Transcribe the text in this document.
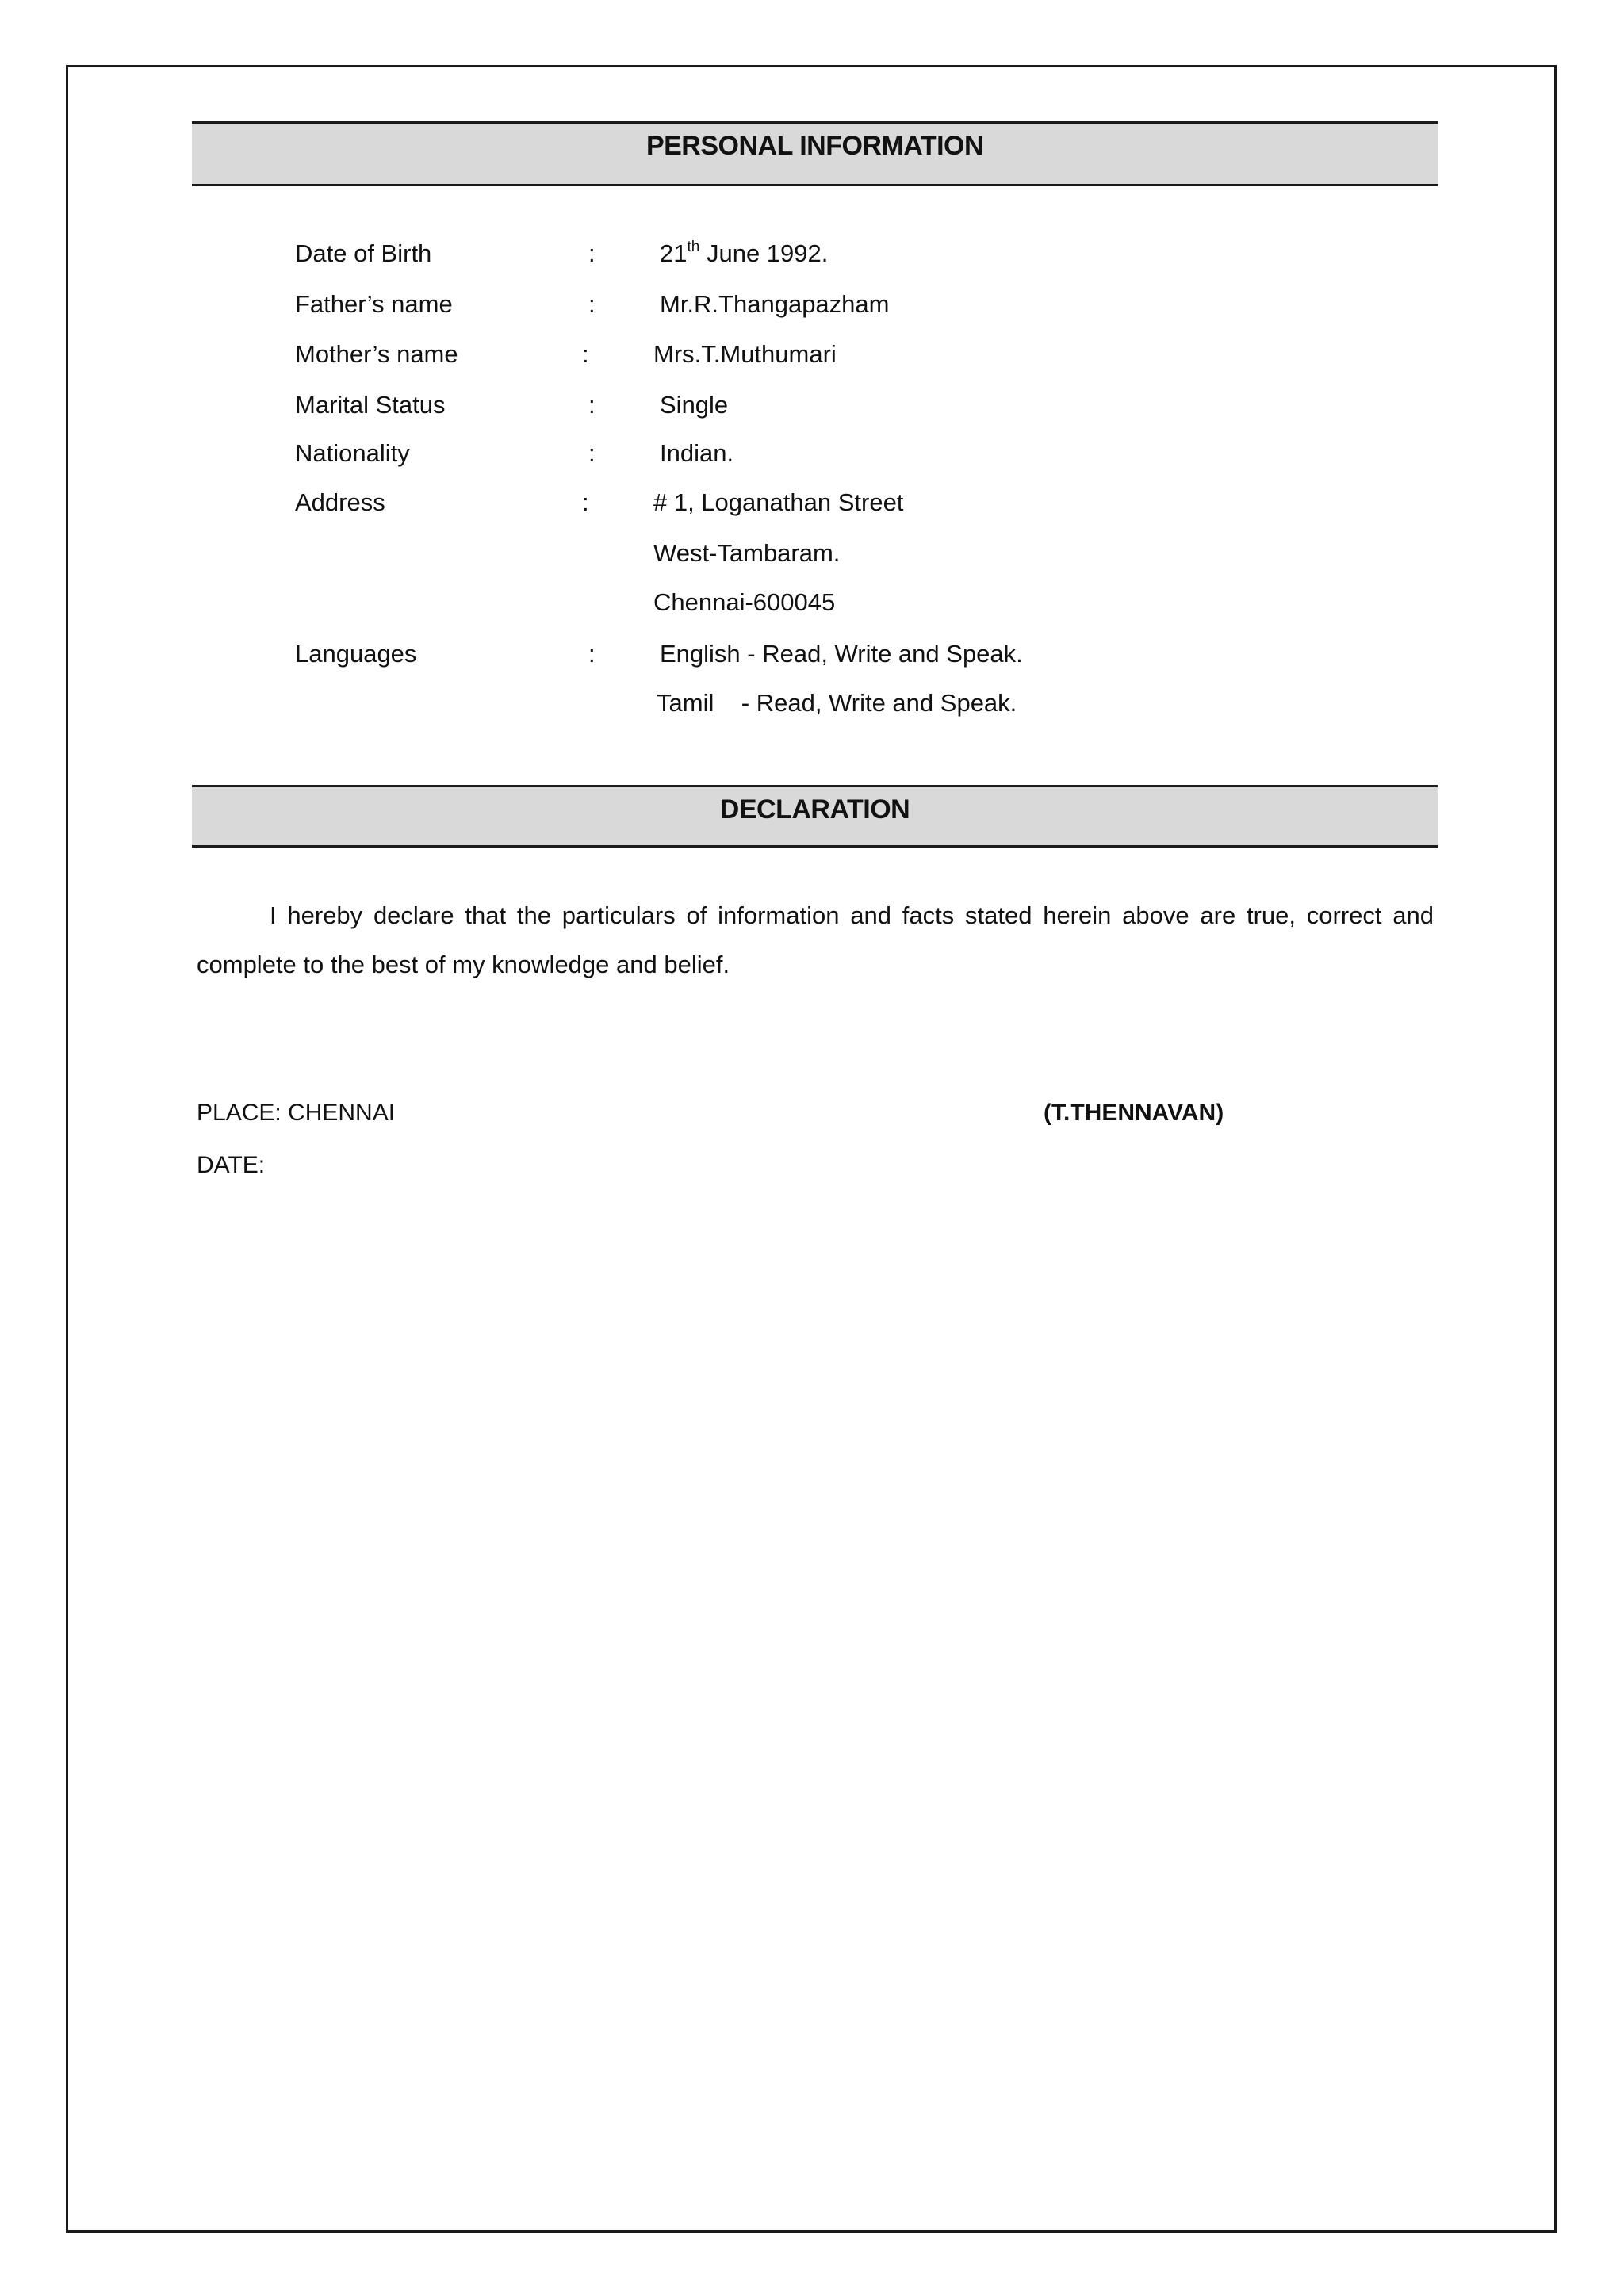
PERSONAL INFORMATION
Date of Birth	:	21th June 1992.
Father’s name	:	Mr.R.Thangapazham
Mother’s name	:	Mrs.T.Muthumari
Marital Status	:	Single
Nationality	:	Indian.
Address	:	# 1, Loganathan Street
West-Tambaram.
Chennai-600045
Languages	:	English - Read, Write and Speak.
Tamil    - Read, Write and Speak.
DECLARATION
I hereby declare that the particulars of information and facts stated herein above are true, correct and
complete to the best of my knowledge and belief.
PLACE: CHENNAI
DATE:
(T.THENNAVAN)
